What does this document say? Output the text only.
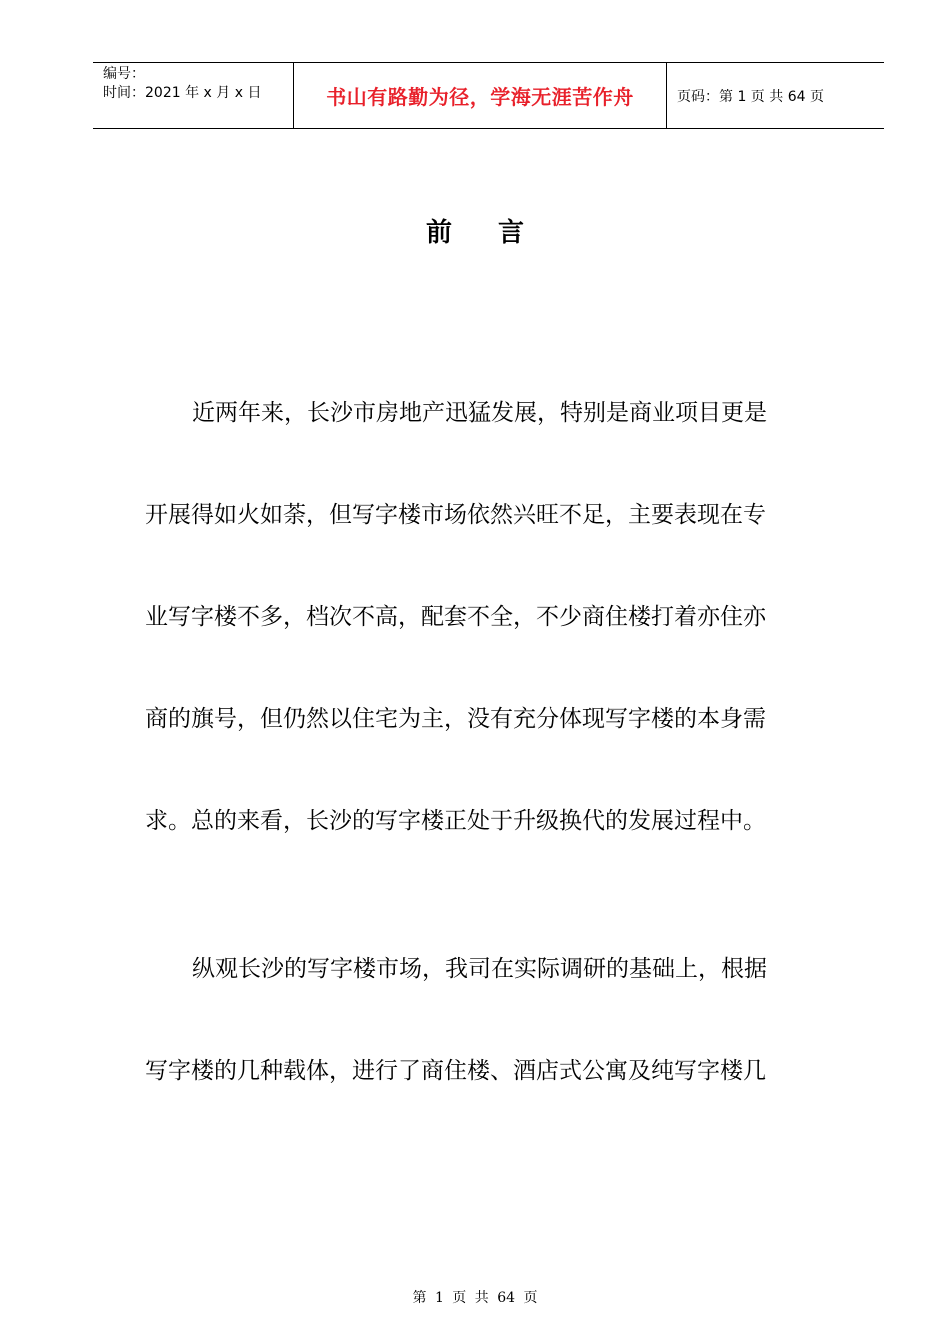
编号：
时间：2021 年 x 月 x 日	书山有路勤为径，学海无涯苦作舟	页码：第 1 页 共 64 页
前言
近两年来，长沙市房地产迅猛发展，特别是商业项目更是
开展得如火如荼，但写字楼市场依然兴旺不足，主要表现在专
业写字楼不多，档次不高，配套不全，不少商住楼打着亦住亦
商的旗号，但仍然以住宅为主，没有充分体现写字楼的本身需
求。总的来看，长沙的写字楼正处于升级换代的发展过程中。
纵观长沙的写字楼市场，我司在实际调研的基础上，根据
写字楼的几种载体，进行了商住楼、酒店式公寓及纯写字楼几
第 1 页 共 64 页
